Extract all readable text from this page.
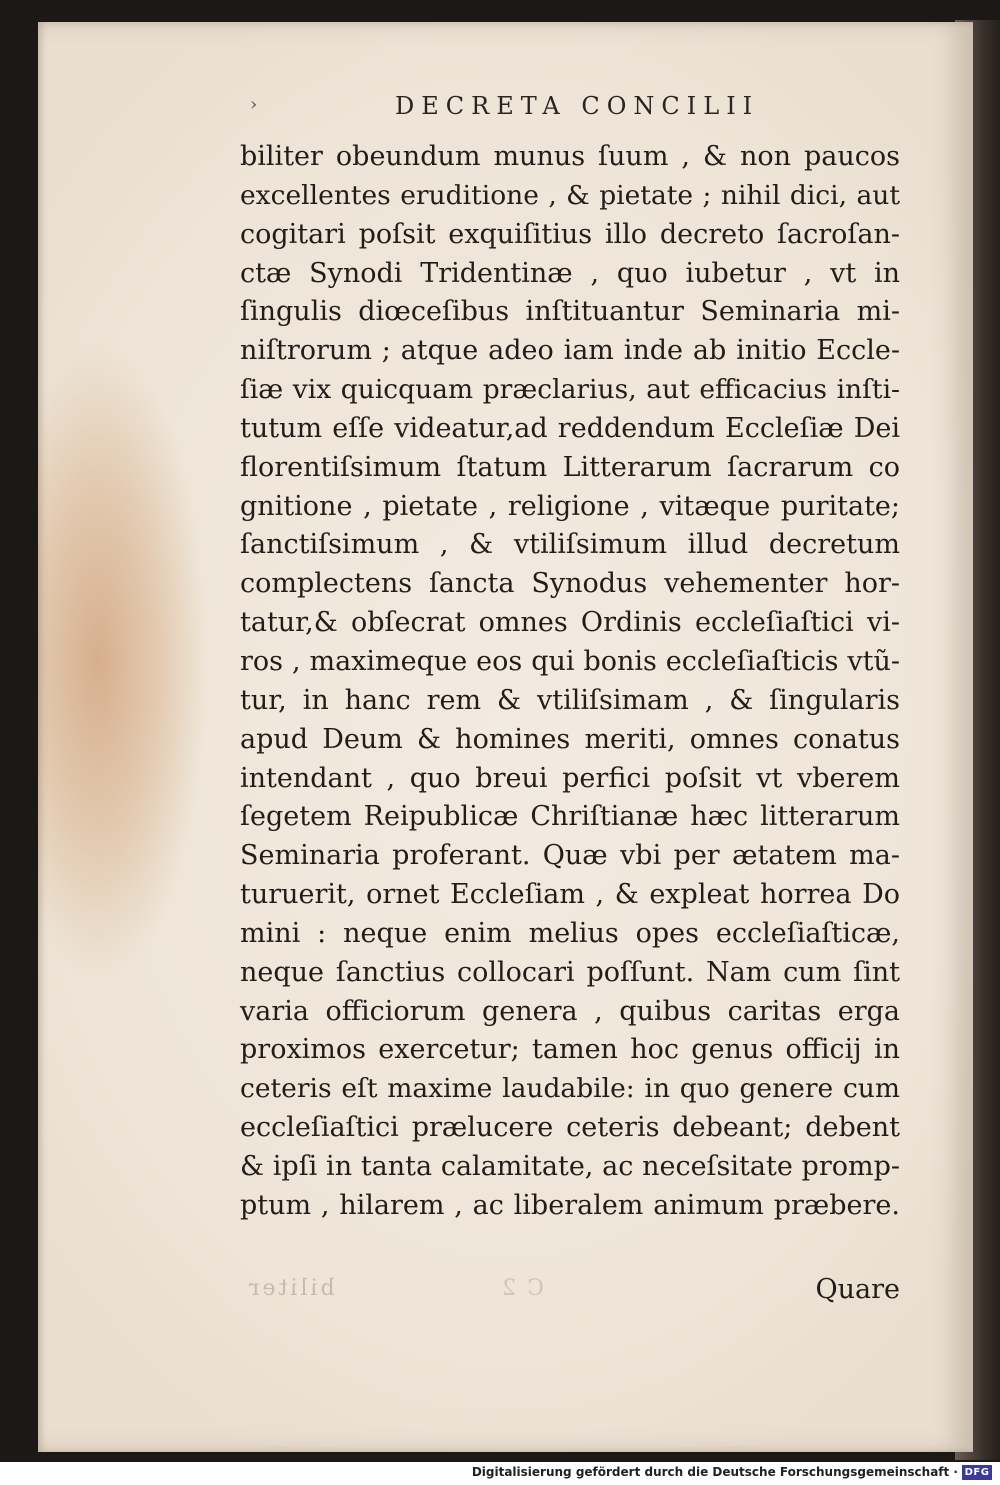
›	DECRETA CONCILII
biliter obeundum munus ſuum , & non paucos
excellentes eruditione , & pietate ; nihil dici, aut
cogitari poſsit exquiſitius illo decreto ſacroſan-
ctæ Synodi Tridentinæ , quo iubetur , vt in
ſingulis diœceſibus inſtituantur Seminaria mi-
niſtrorum ; atque adeo iam inde ab initio Eccle-
ſiæ vix quicquam præclarius, aut efficacius inſti-
tutum eſſe videatur,ad reddendum Eccleſiæ Dei
florentiſsimum ſtatum Litterarum ſacrarum co
gnitione , pietate , religione , vitæque puritate;
ſanctiſsimum , & vtiliſsimum illud decretum
complectens ſancta Synodus vehementer hor-
tatur,& obſecrat omnes Ordinis eccleſiaſtici vi-
ros , maximeque eos qui bonis eccleſiaſticis vtũ-
tur, in hanc rem & vtiliſsimam , & ſingularis
apud Deum & homines meriti, omnes conatus
intendant , quo breui perfici poſsit vt vberem
ſegetem Reipublicæ Chriſtianæ hæc litterarum
Seminaria proferant. Quæ vbi per ætatem ma-
turuerit, ornet Eccleſiam , & expleat horrea Do
mini : neque enim melius opes eccleſiaſticæ,
neque ſanctius collocari poſſunt. Nam cum ſint
varia officiorum genera , quibus caritas erga
proximos exercetur; tamen hoc genus officij in
ceteris eſt maxime laudabile: in quo genere cum
eccleſiaſtici prælucere ceteris debeant; debent
& ipſi in tanta calamitate, ac neceſsitate promp-
ptum , hilarem , ac liberalem animum præbere.
biliter	C 2	Quare
Digitalisierung gefördert durch die Deutsche Forschungsgemeinschaft · DFG
